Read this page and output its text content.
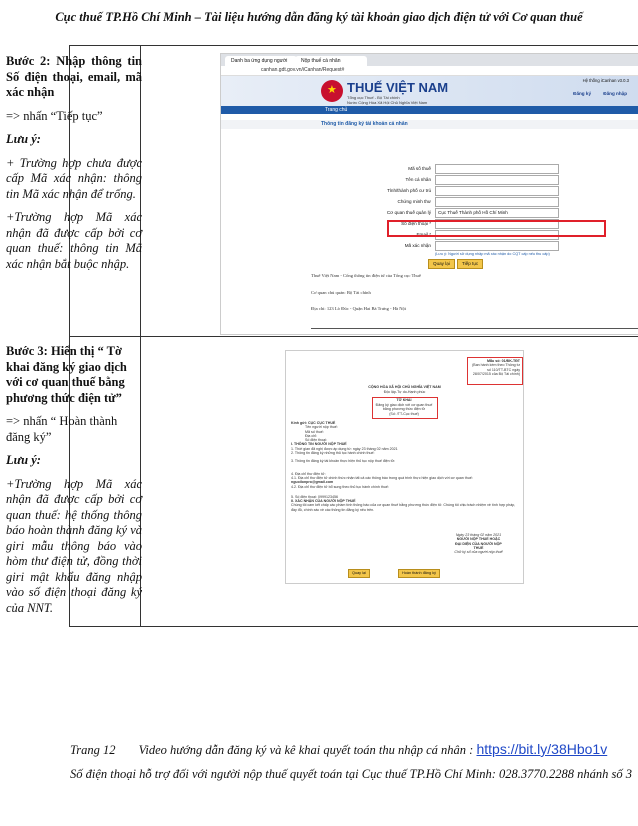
Cục thuế TP.Hồ Chí Minh – Tài liệu hướng dẫn đăng ký tài khoản giao dịch điện tử với Cơ quan thuế

Bước 2: Nhập thông tin Số điện thoại, email, mã xác nhận

=> nhấn “Tiếp tục”

Lưu ý:

+ Trường hợp chưa được cấp Mã xác nhận: thông tin Mã xác nhận để trống.

+Trường hợp Mã xác nhận đã được cấp bởi cơ quan thuế: thông tin Mã xác nhận bắt buộc nhập.

Bước 3: Hiển thị “ Tờ khai đăng ký giao dịch với cơ quan thuế bằng phương thức điện tử”

=> nhấn “ Hoàn thành đăng ký”

Lưu ý:

+Trường hợp Mã xác nhận đã được cấp bởi cơ quan thuế: hệ thống thông báo hoàn thành đăng ký và giri mẫu thông báo vào hòm thư điện tử, đồng thời giri mật khẩu đăng nhập vào số điện thoại đăng ký của NNT.

Danh ba ứng dụng người	Nộp thuế cá nhân
canhan.gdt.gov.vn/iCanhan/Request#
★
THUẾ VIỆT NAM
Tổng cục Thuế - Bộ Tài chính
Nước Cộng Hòa Xã Hội Chủ Nghĩa Việt Nam
Hệ thống iCanhan v3.0.3
Đăng ký	Đăng nhập
Trang chủ
Thông tin đăng ký tài khoản cá nhân
Mã số thuế
Tên cá nhân
Tỉnh/thành phố cư trú
Chứng minh thư
Cơ quan thuế quản lý	Cục Thuế Thành phố Hồ Chí Minh
Số điện thoại *
Email *
Mã xác nhận
(Lưu ý: Người sử dụng nhập mã xác nhận do CQT cấp nếu thu cấp)
Quay lại	Tiếp tục
Thuế Việt Nam - Cổng thông tin điện tử của Tổng cục Thuế
Cơ quan chủ quản: Bộ Tài chính
Địa chỉ: 123 Lò Đúc - Quận Hai Bà Trưng - Hà Nội
Mẫu số: 01/ĐK-TĐT
(Ban hành kèm theo Thông tư
số 110/TT-BTC ngày
28/07/2015 của Bộ Tài chính)
CỘNG HÒA XÃ HỘI CHỦ NGHĨA VIỆT NAM
Độc lập-Tự do-Hạnh phúc
TỜ KHAI
Đăng ký giao dịch với cơ quan thuế bằng phương thức điện tử
(Số: /TT-Cục thuế)
Kính gửi: CỤC CỤC THUẾ
Tên người nộp thuế:
Mã số thuế:
Địa chỉ:
Số điện thoại:
I. THÔNG TIN NGƯỜI NỘP THUẾ
1. Thời gian đã nghị được áp dụng từ: ngày 23 tháng 02 năm 2021
2. Thông tin đăng ký những thủ tục hành chính thuế:
3. Thông tin đăng ký tài khoản thực hiện thủ tục nộp thuế điện tử:
4. Địa chỉ thư điện tử:
4.1. Địa chỉ thư điện tử chính thức nhận tất cả các thông báo trong quá trình thực hiện giao dịch với cơ quan thuế:
nguoilonpro@gmail.com
4.2. Địa chỉ thư điện tử bổ sung theo thủ tục hành chính thuế:
5. Số điện thoại: 0999123456
II. XÁC NHẬN CỦA NGƯỜI NỘP THUẾ
Chúng tôi cam kết chấp các phầm tính thông báo của cơ quan thuế bằng phương thức điện tử. Chúng tôi chịu trách nhiệm về tính hợp pháp, đầy đủ, chính xác về các thông tin đăng ký nêu trên.
Ngày 23 tháng 02 năm 2021
NGƯỜI NỘP THUẾ HOẶC
ĐẠI DIỆN CỦA NGƯỜI NỘP
THUẾ
Chữ ký số của người nộp thuế
Quay lại	Hoàn thành đăng ký
Trang 12 Video hướng dẫn đăng ký và kê khai quyết toán thu nhập cá nhân : https://bit.ly/38Hbo1v
Số điện thoại hỗ trợ đối với người nộp thuế quyết toán tại Cục thuế TP.Hồ Chí Minh: 028.3770.2288 nhánh số 3
